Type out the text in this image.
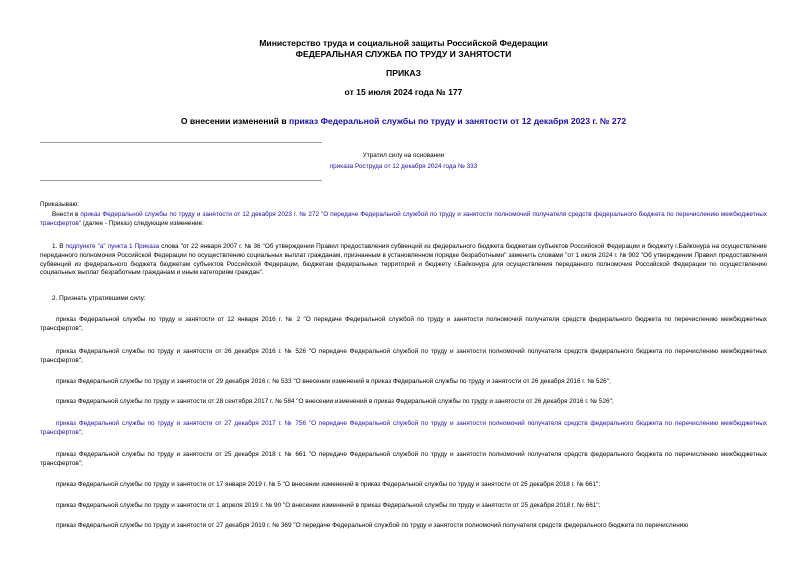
Министерство труда и социальной защиты Российской Федерации
ФЕДЕРАЛЬНАЯ СЛУЖБА ПО ТРУДУ И ЗАНЯТОСТИ
ПРИКАЗ
от 15 июля 2024 года № 177
О внесении изменений в приказ Федеральной службы по труду и занятости от 12 декабря 2023 г. № 272
Утратил силу на основании
приказа Роструда от 12 декабря 2024 года № 333
Приказываю:
Внести в приказ Федеральной службы по труду и занятости от 12 декабря 2023 г. № 272 "О передаче Федеральной службой по труду и занятости полномочий получателя средств федерального бюджета по перечислению межбюджетных трансфертов" (далее - Приказ) следующие изменение:
1. В подпункте "а" пункта 1 Приказа слова "от 22 января 2007 г. № 36 "Об утверждении Правил предоставления субвенций из федерального бюджета бюджетам субъектов Российской Федерации и бюджету г.Байконура на осуществление переданного полномочия Российской Федерации по осуществлению социальных выплат гражданам, признанным в установленном порядке безработными" заменить словами "от 1 июля 2024 г. № 902 "Об утверждении Правил предоставления субвенций из федерального бюджета бюджетам субъектов Российской Федерации, бюджетам федеральных территорий и бюджету г.Байконура для осуществления переданного полномочия Российской Федерации по осуществлению социальных выплат безработным гражданам и иным категориям граждан".
2. Признать утратившими силу:
приказ Федеральной службы по труду и занятости от 12 января 2016 г. № 2 "О передаче Федеральной службой по труду и занятости полномочий получателя средств федерального бюджета по перечислению межбюджетных трансфертов";
приказ Федеральной службы по труду и занятости от 26 декабря 2016 г. № 526 "О передаче Федеральной службой по труду и занятости полномочий получателя средств федерального бюджета по перечислению межбюджетных трансфертов";
приказ Федеральной службы по труду и занятости от 29 декабря 2016 г. № 533 "О внесении изменений в приказ Федеральной службы по труду и занятости от 26 декабря 2016 г. № 526";
приказ Федеральной службы по труду и занятости от 28 сентября 2017 г. № 584 "О внесении изменений в приказ Федеральной службы по труду и занятости от 26 декабря 2016 г. № 526";
приказ Федеральной службы по труду и занятости от 27 декабря 2017 г. № 756 "О передаче Федеральной службой по труду и занятости полномочий получателя средств федерального бюджета по перечислению межбюджетных трансфертов";
приказ Федеральной службы по труду и занятости от 25 декабря 2018 г. № 661 "О передаче Федеральной службой по труду и занятости полномочий получателя средств федерального бюджета по перечислению межбюджетных трансфертов";
приказ Федеральной службы по труду и занятости от 17 января 2019 г. № 5 "О внесении изменений в приказ Федеральной службы по труду и занятости от 25 декабря 2018 г. № 661";
приказ Федеральной службы по труду и занятости от 1 апреля 2019 г. № 90 "О внесении изменений в приказ Федеральной службы по труду и занятости от 25 декабря 2018 г. № 661";
приказ Федеральной службы по труду и занятости от 27 декабря 2019 г. № 369 "О передаче Федеральной службой по труду и занятости полномочий получателя средств федерального бюджета по перечислению
